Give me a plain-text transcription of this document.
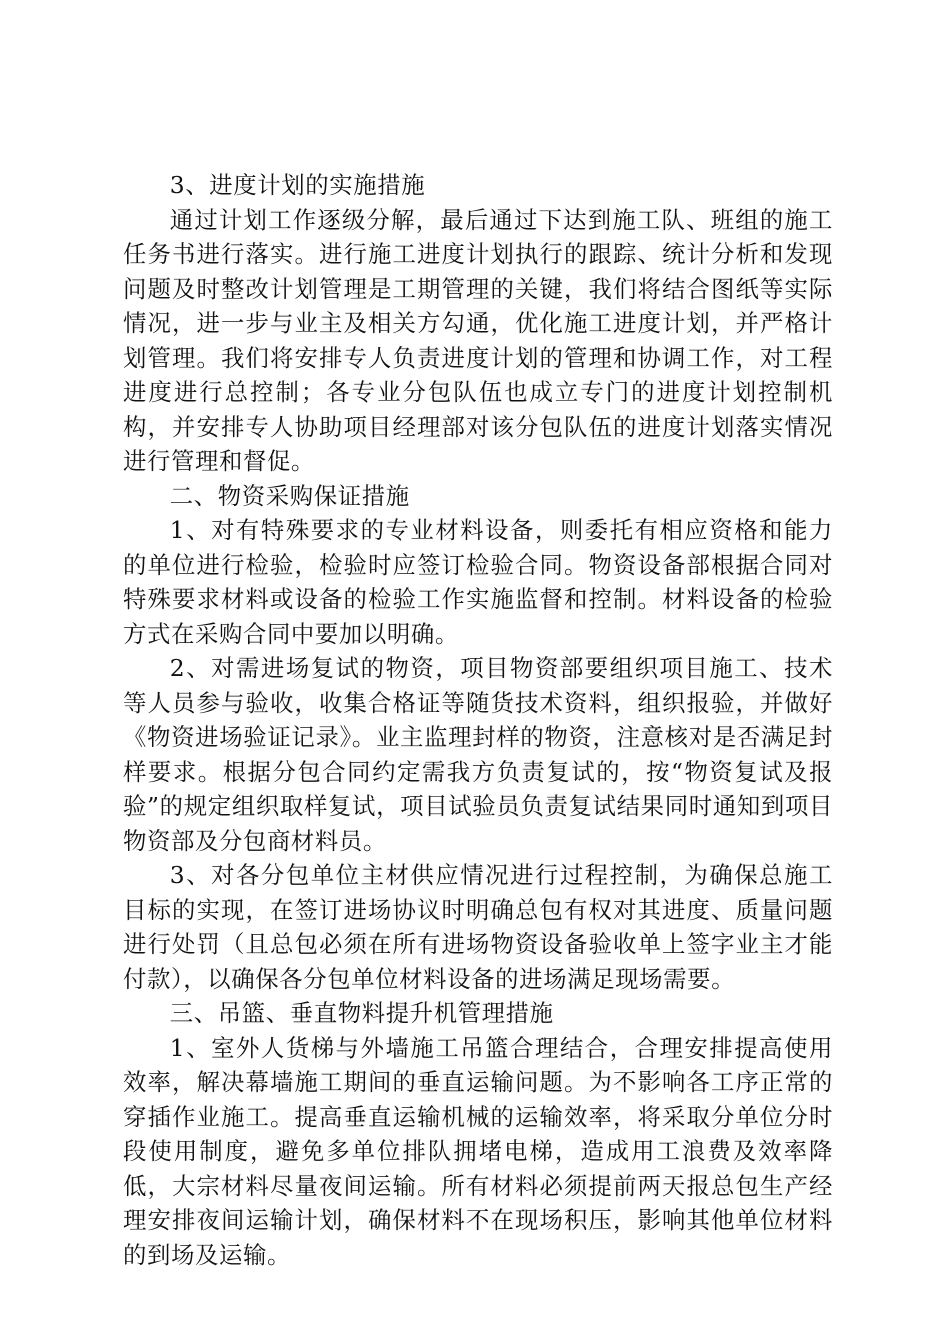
3、进度计划的实施措施

通过计划工作逐级分解，最后通过下达到施工队、班组的施工任务书进行落实。进行施工进度计划执行的跟踪、统计分析和发现问题及时整改计划管理是工期管理的关键，我们将结合图纸等实际情况，进一步与业主及相关方勾通，优化施工进度计划，并严格计划管理。我们将安排专人负责进度计划的管理和协调工作，对工程进度进行总控制；各专业分包队伍也成立专门的进度计划控制机构，并安排专人协助项目经理部对该分包队伍的进度计划落实情况进行管理和督促。

二、物资采购保证措施

1、对有特殊要求的专业材料设备，则委托有相应资格和能力的单位进行检验，检验时应签订检验合同。物资设备部根据合同对特殊要求材料或设备的检验工作实施监督和控制。材料设备的检验方式在采购合同中要加以明确。

2、对需进场复试的物资，项目物资部要组织项目施工、技术等人员参与验收，收集合格证等随货技术资料，组织报验，并做好《物资进场验证记录》。业主监理封样的物资，注意核对是否满足封样要求。根据分包合同约定需我方负责复试的，按“物资复试及报验”的规定组织取样复试，项目试验员负责复试结果同时通知到项目物资部及分包商材料员。

3、对各分包单位主材供应情况进行过程控制，为确保总施工目标的实现，在签订进场协议时明确总包有权对其进度、质量问题进行处罚（且总包必须在所有进场物资设备验收单上签字业主才能付款），以确保各分包单位材料设备的进场满足现场需要。

三、吊篮、垂直物料提升机管理措施

1、室外人货梯与外墙施工吊篮合理结合，合理安排提高使用效率，解决幕墙施工期间的垂直运输问题。为不影响各工序正常的穿插作业施工。提高垂直运输机械的运输效率，将采取分单位分时段使用制度，避免多单位排队拥堵电梯，造成用工浪费及效率降低，大宗材料尽量夜间运输。所有材料必须提前两天报总包生产经理安排夜间运输计划，确保材料不在现场积压，影响其他单位材料的到场及运输。
